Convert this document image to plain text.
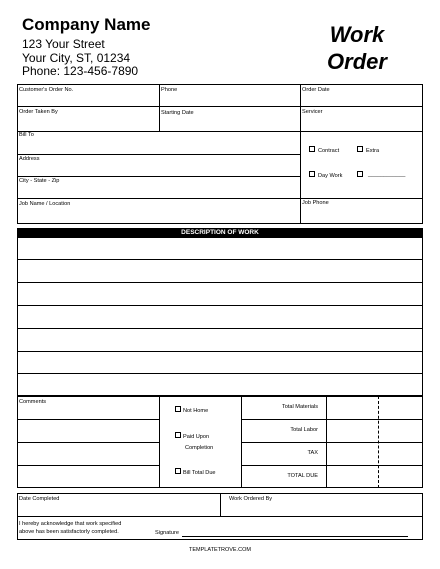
Company Name
123 Your Street
Your City, ST, 01234
Phone: 123-456-7890
Work
Order
Customer's Order No.	Phone	Order Date
Order Taken By	Starting Date	Servicer
Bill To
Address
City - State - Zip
Job Name / Location	Job Phone
Contract	Extra
Day Work	____________
DESCRIPTION OF WORK
Comments
Not Home
Paid Upon
Completion
Bill Total Due
Total Materials
Total Labor
TAX
TOTAL DUE
Date Completed	Work Ordered By
I hereby acknowledge that work specified
above has been satisfactorly completed.	Signature
TEMPLATETROVE.COM
